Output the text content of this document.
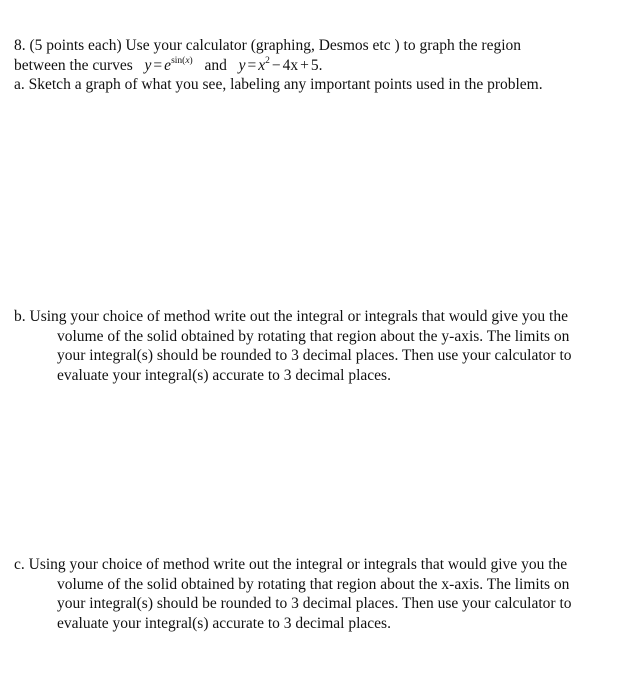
8. (5 points each) Use your calculator (graphing, Desmos etc ) to graph the region
between the curves $y = e^{sin(x)}$ and $y = x^2 - 4x + 5$.
a. Sketch a graph of what you see, labeling any important points used in the problem.
b. Using your choice of method write out the integral or integrals that would give you the
volume of the solid obtained by rotating that region about the y-axis. The limits on
your integral(s) should be rounded to 3 decimal places. Then use your calculator to
evaluate your integral(s) accurate to 3 decimal places.
c. Using your choice of method write out the integral or integrals that would give you the
volume of the solid obtained by rotating that region about the x-axis. The limits on
your integral(s) should be rounded to 3 decimal places. Then use your calculator to
evaluate your integral(s) accurate to 3 decimal places.
